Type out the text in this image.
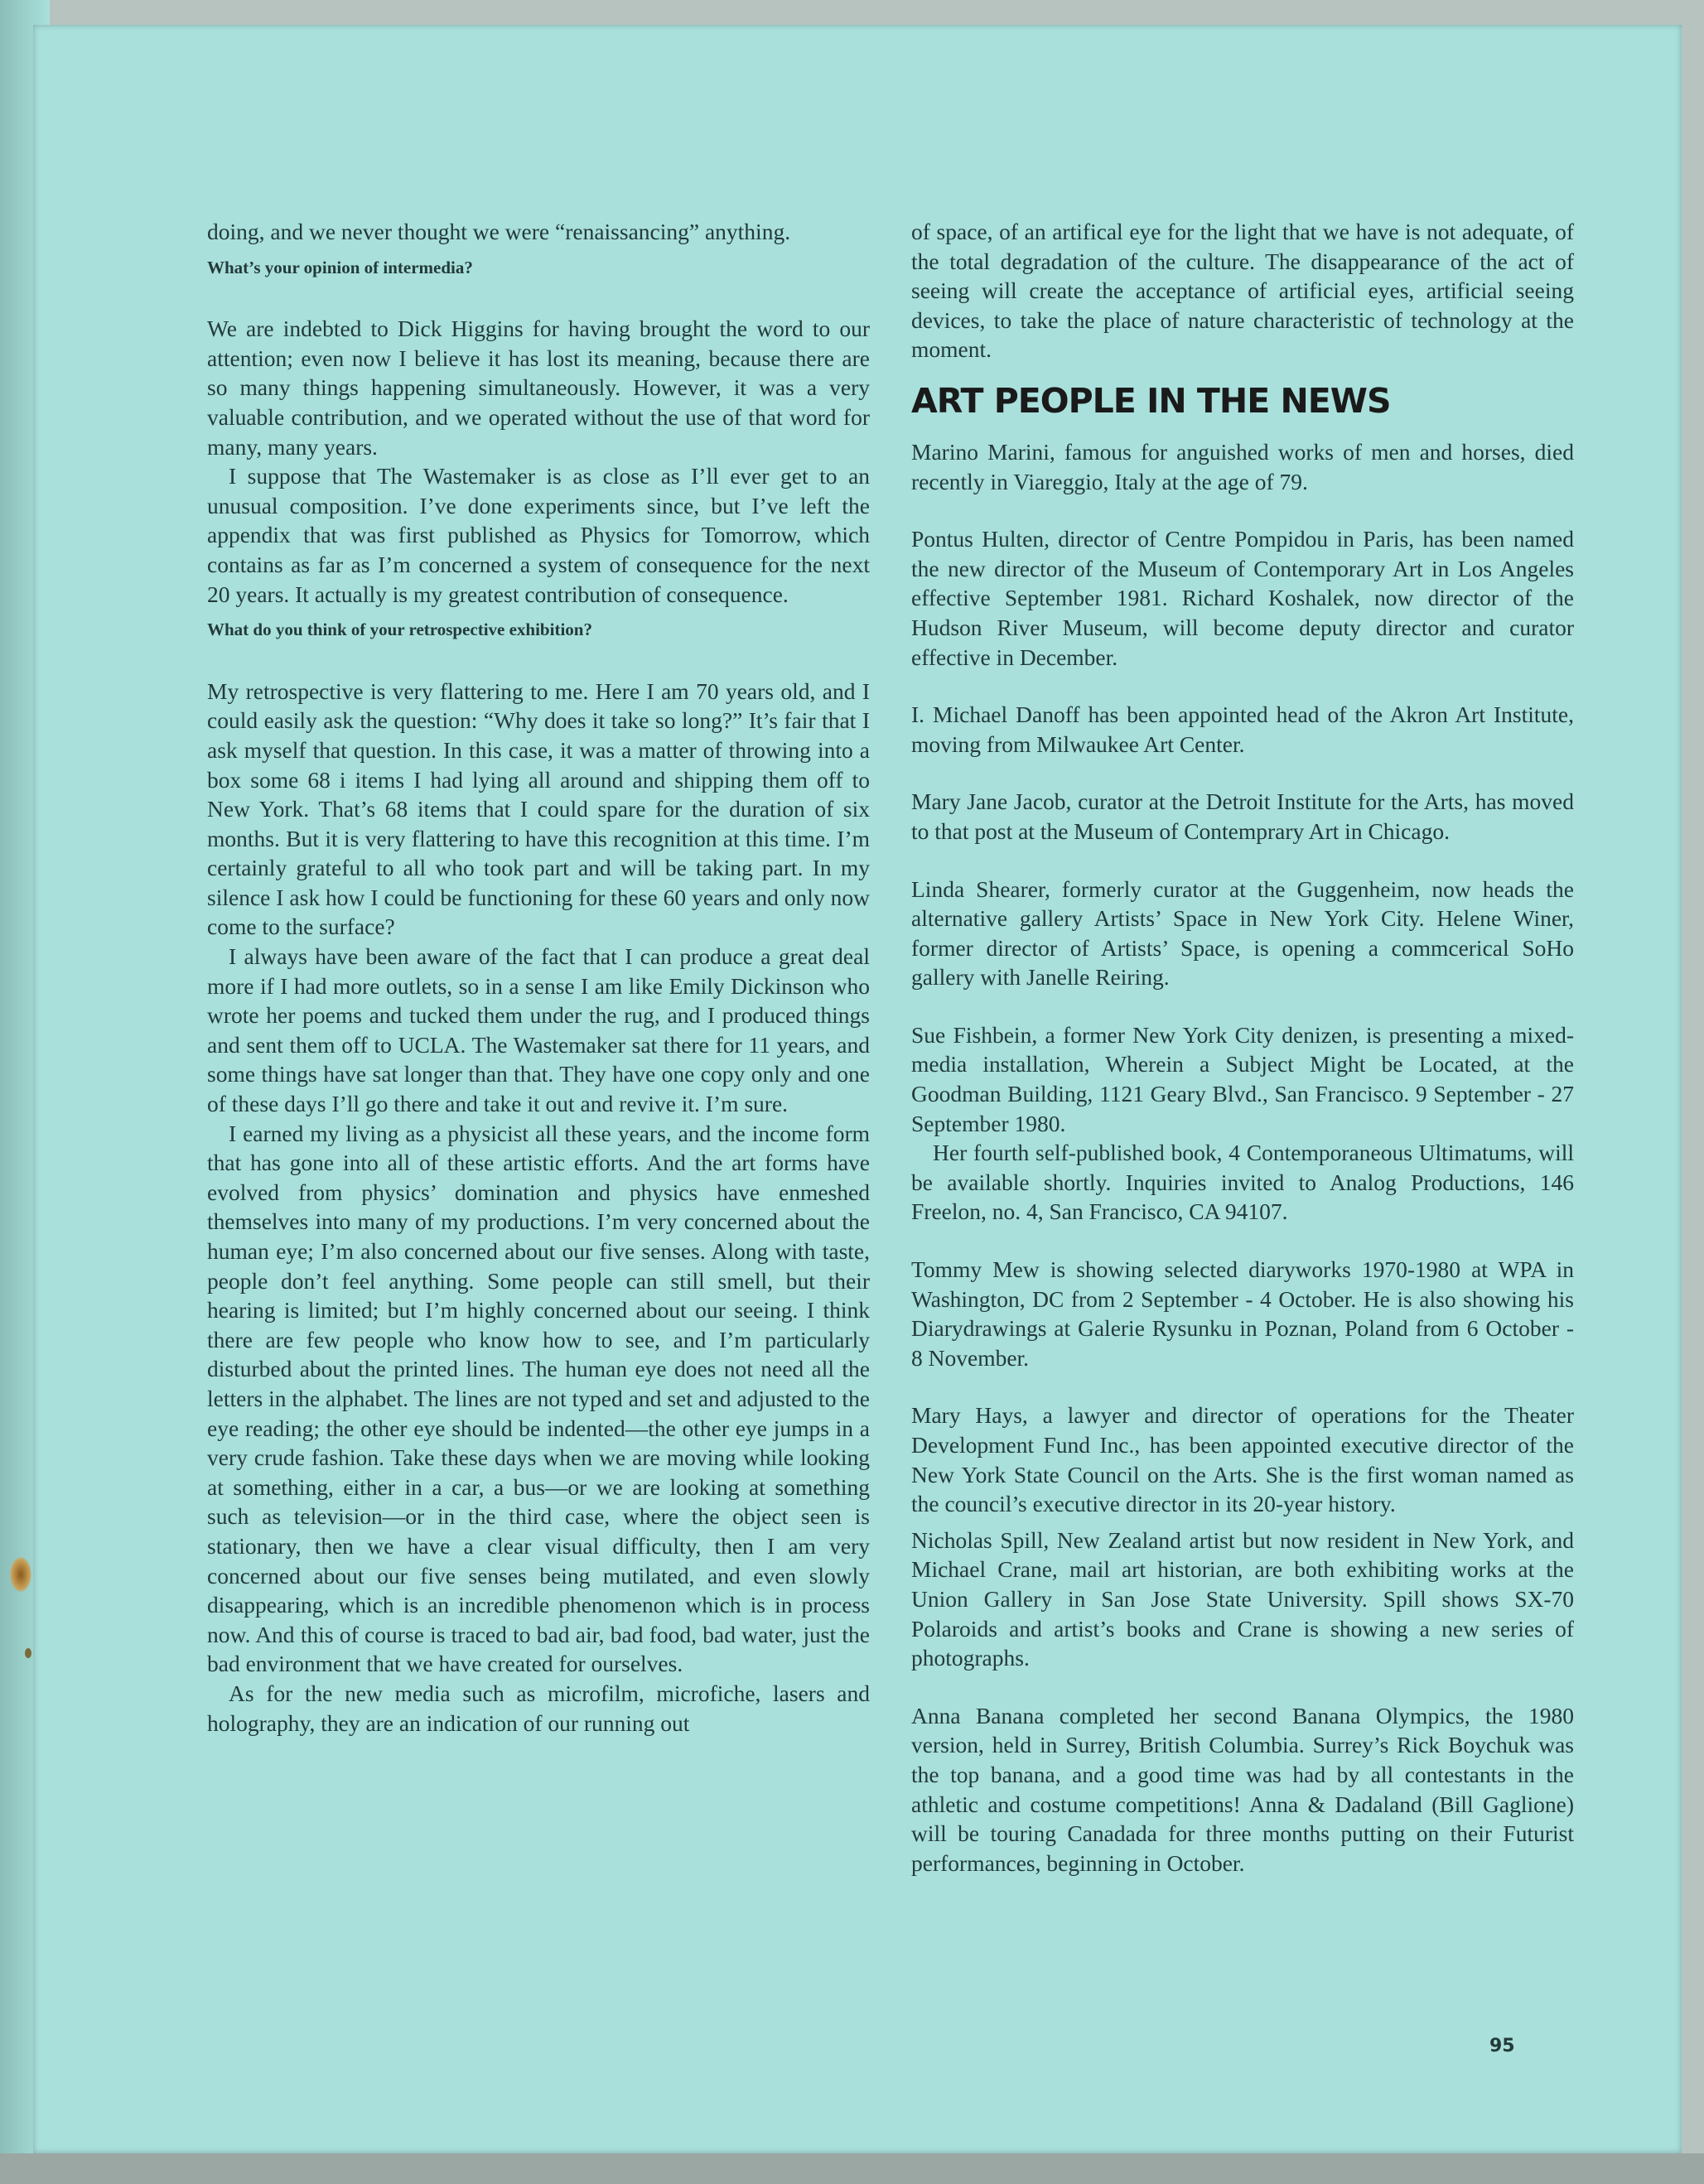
doing, and we never thought we were “renaissancing” anything.

What’s your opinion of intermedia?

We are indebted to Dick Higgins for having brought the word to our attention; even now I believe it has lost its meaning, because there are so many things happening simultaneously. However, it was a very valuable contribution, and we operated without the use of that word for many, many years.

I suppose that The Wastemaker is as close as I’ll ever get to an unusual composition. I’ve done experiments since, but I’ve left the appendix that was first published as Physics for Tomorrow, which contains as far as I’m concerned a system of consequence for the next 20 years. It actually is my greatest contribution of consequence.

What do you think of your retrospective exhibition?

My retrospective is very flattering to me. Here I am 70 years old, and I could easily ask the question: “Why does it take so long?” It’s fair that I ask myself that question. In this case, it was a matter of throwing into a box some 68 i items I had lying all around and shipping them off to New York. That’s 68 items that I could spare for the duration of six months. But it is very flattering to have this recognition at this time. I’m certainly grateful to all who took part and will be taking part. In my silence I ask how I could be functioning for these 60 years and only now come to the surface?

I always have been aware of the fact that I can produce a great deal more if I had more outlets, so in a sense I am like Emily Dickinson who wrote her poems and tucked them under the rug, and I produced things and sent them off to UCLA. The Wastemaker sat there for 11 years, and some things have sat longer than that. They have one copy only and one of these days I’ll go there and take it out and revive it. I’m sure.

I earned my living as a physicist all these years, and the income form that has gone into all of these artistic efforts. And the art forms have evolved from physics’ domination and physics have enmeshed themselves into many of my productions. I’m very concerned about the human eye; I’m also concerned about our five senses. Along with taste, people don’t feel anything. Some people can still smell, but their hearing is limited; but I’m highly concerned about our seeing. I think there are few people who know how to see, and I’m particularly disturbed about the printed lines. The human eye does not need all the letters in the alphabet. The lines are not typed and set and adjusted to the eye reading; the other eye should be indented—the other eye jumps in a very crude fashion. Take these days when we are moving while looking at something, either in a car, a bus—or we are looking at something such as television—or in the third case, where the object seen is stationary, then we have a clear visual difficulty, then I am very concerned about our five senses being mutilated, and even slowly disappearing, which is an incredible phenomenon which is in process now. And this of course is traced to bad air, bad food, bad water, just the bad environment that we have created for ourselves.

As for the new media such as microfilm, microfiche, lasers and holography, they are an indication of our running out

of space, of an artifical eye for the light that we have is not adequate, of the total degradation of the culture. The disappearance of the act of seeing will create the acceptance of artificial eyes, artificial seeing devices, to take the place of nature characteristic of technology at the moment.

ART PEOPLE IN THE NEWS

Marino Marini, famous for anguished works of men and horses, died recently in Viareggio, Italy at the age of 79.

Pontus Hulten, director of Centre Pompidou in Paris, has been named the new director of the Museum of Contemporary Art in Los Angeles effective September 1981. Richard Koshalek, now director of the Hudson River Museum, will become deputy director and curator effective in December.

I. Michael Danoff has been appointed head of the Akron Art Institute, moving from Milwaukee Art Center.

Mary Jane Jacob, curator at the Detroit Institute for the Arts, has moved to that post at the Museum of Contemprary Art in Chicago.

Linda Shearer, formerly curator at the Guggenheim, now heads the alternative gallery Artists’ Space in New York City. Helene Winer, former director of Artists’ Space, is opening a commcerical SoHo gallery with Janelle Reiring.

Sue Fishbein, a former New York City denizen, is presenting a mixed-media installation, Wherein a Subject Might be Located, at the Goodman Building, 1121 Geary Blvd., San Francisco. 9 September - 27 September 1980.

Her fourth self-published book, 4 Contemporaneous Ultimatums, will be available shortly. Inquiries invited to Analog Productions, 146 Freelon, no. 4, San Francisco, CA 94107.

Tommy Mew is showing selected diaryworks 1970-1980 at WPA in Washington, DC from 2 September - 4 October. He is also showing his Diarydrawings at Galerie Rysunku in Poznan, Poland from 6 October - 8 November.

Mary Hays, a lawyer and director of operations for the Theater Development Fund Inc., has been appointed executive director of the New York State Council on the Arts. She is the first woman named as the council’s executive director in its 20-year history.

Nicholas Spill, New Zealand artist but now resident in New York, and Michael Crane, mail art historian, are both exhibiting works at the Union Gallery in San Jose State University. Spill shows SX-70 Polaroids and artist’s books and Crane is showing a new series of photographs.

Anna Banana completed her second Banana Olympics, the 1980 version, held in Surrey, British Columbia. Surrey’s Rick Boychuk was the top banana, and a good time was had by all contestants in the athletic and costume competitions! Anna & Dadaland (Bill Gaglione) will be touring Canadada for three months putting on their Futurist performances, beginning in October.

95
